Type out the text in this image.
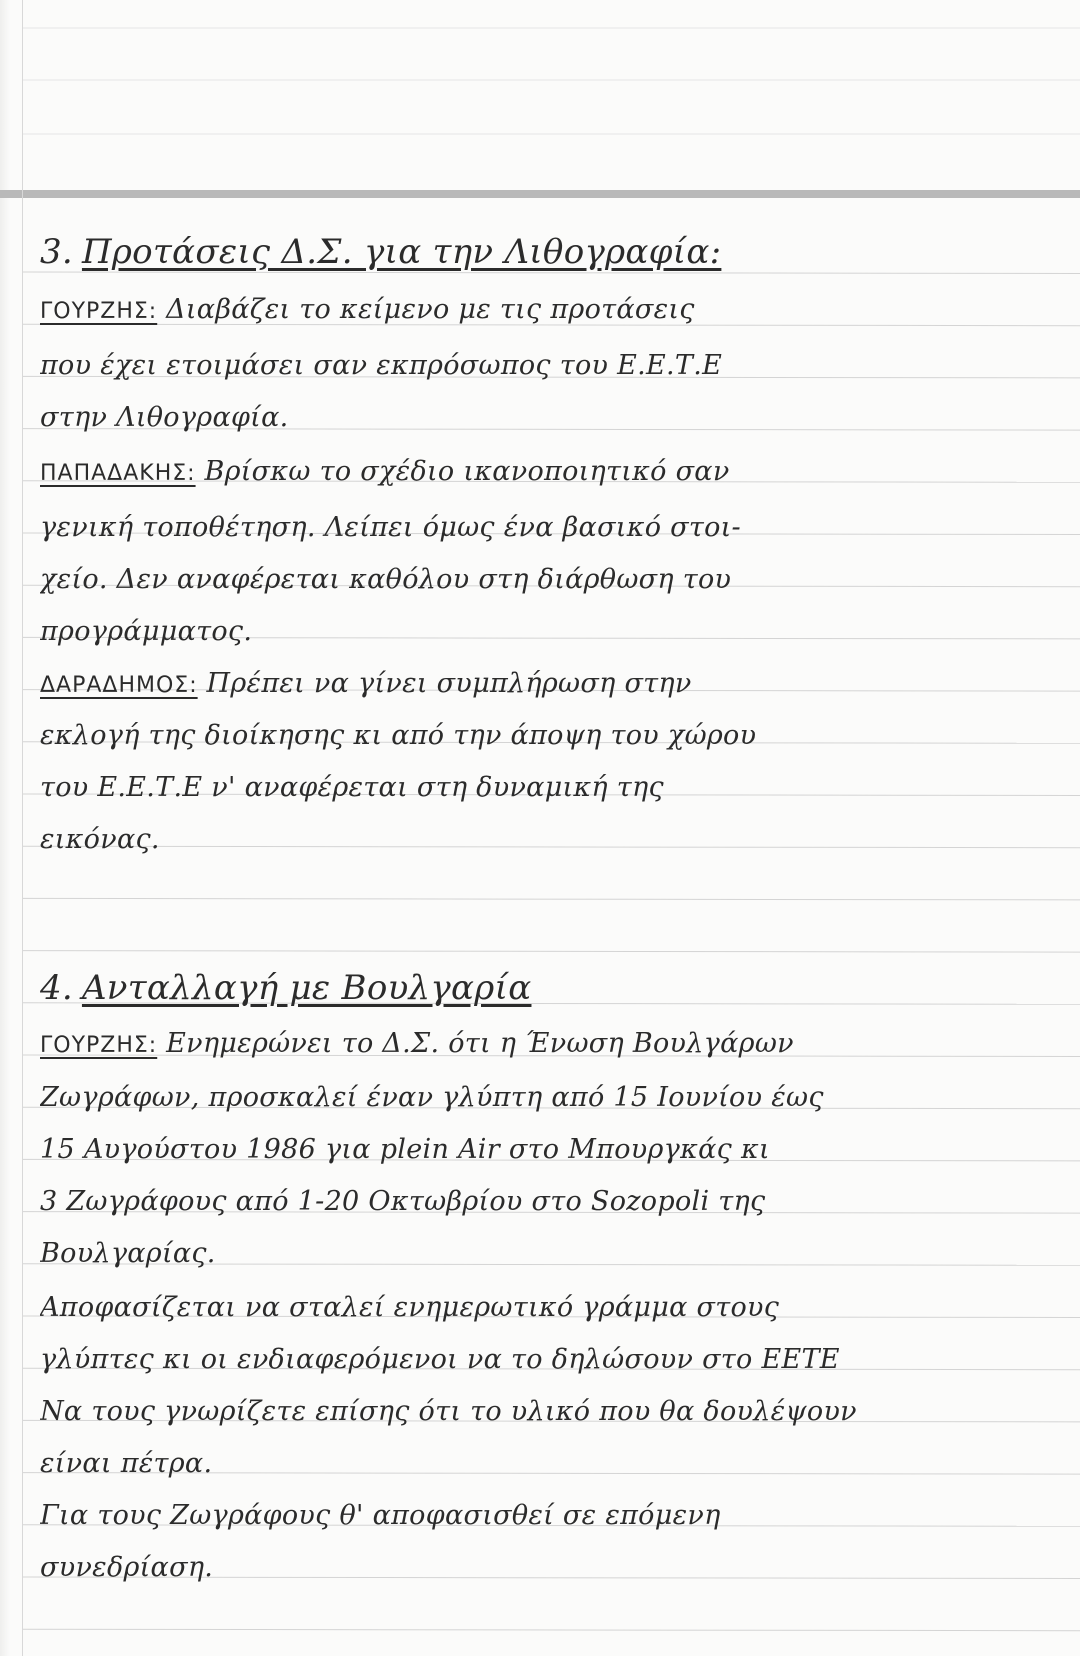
3. Προτάσεις Δ.Σ. για την Λιθογραφία:
ΓΟΥΡΖΗΣ: Διαβάζει το κείμενο με τις προτάσεις
που έχει ετοιμάσει σαν εκπρόσωπος του Ε.Ε.Τ.Ε
στην Λιθογραφία.
ΠΑΠΑΔΑΚΗΣ: Βρίσκω το σχέδιο ικανοποιητικό σαν
γενική τοποθέτηση. Λείπει όμως ένα βασικό στοι-
χείο. Δεν αναφέρεται καθόλου στη διάρθωση του
προγράμματος.
ΔΑΡΑΔΗΜΟΣ: Πρέπει να γίνει συμπλήρωση στην
εκλογή της διοίκησης κι από την άποψη του χώρου
του Ε.Ε.Τ.Ε ν' αναφέρεται στη δυναμική της
εικόνας.
4. Ανταλλαγή με Βουλγαρία
ΓΟΥΡΖΗΣ: Ενημερώνει το Δ.Σ. ότι η Ένωση Βουλγάρων
Ζωγράφων, προσκαλεί έναν γλύπτη από 15 Ιουνίου έως
15 Αυγούστου 1986 για plein Air στο Μπουργκάς κι
3 Ζωγράφους από 1-20 Οκτωβρίου στο Sozopoli της
Βουλγαρίας.
Αποφασίζεται να σταλεί ενημερωτικό γράμμα στους
γλύπτες κι οι ενδιαφερόμενοι να το δηλώσουν στο ΕΕΤΕ
Να τους γνωρίζετε επίσης ότι το υλικό που θα δουλέψουν
είναι πέτρα.
Για τους Ζωγράφους θ' αποφασισθεί σε επόμενη
συνεδρίαση.
